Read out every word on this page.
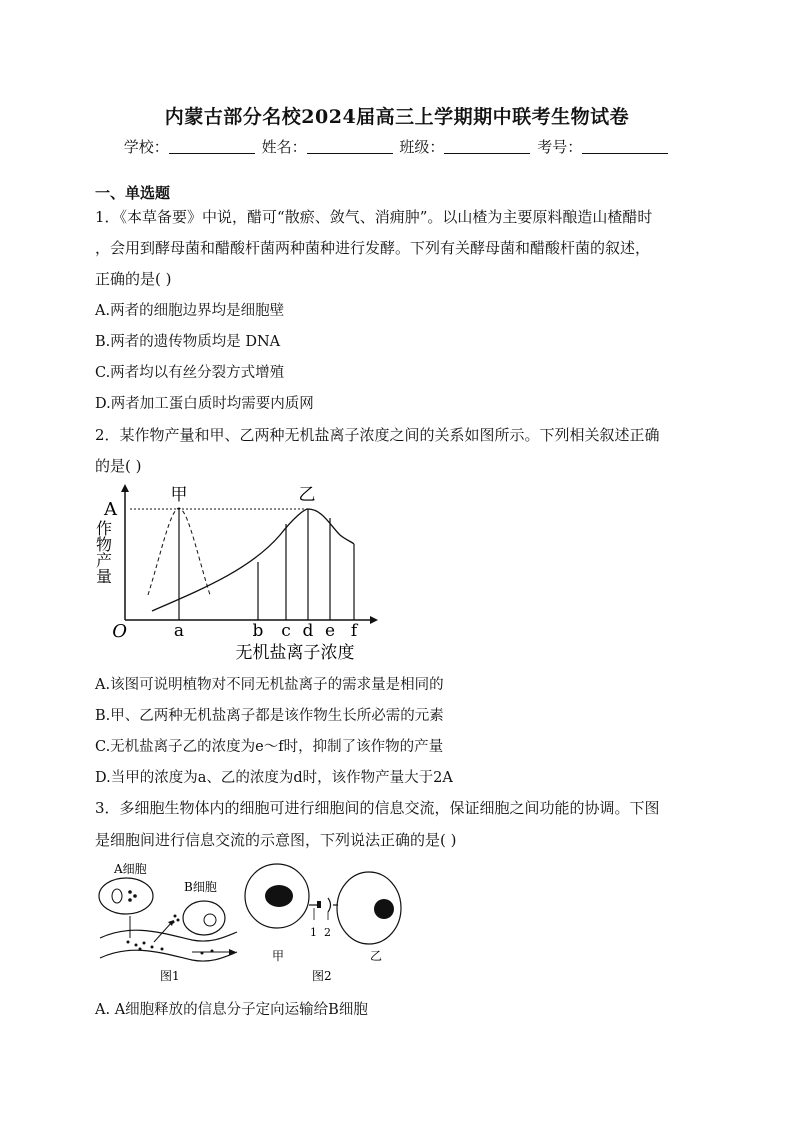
内蒙古部分名校2024届高三上学期期中联考生物试卷
学校：	姓名：	班级：	考号：
一、单选题
1．《本草备要》中说，醋可“散瘀、敛气、消痈肿”。以山楂为主要原料酿造山楂醋时
，会用到酵母菌和醋酸杆菌两种菌种进行发酵。下列有关酵母菌和醋酸杆菌的叙述，
正确的是( )
A.两者的细胞边界均是细胞壁
B.两者的遗传物质均是 DNA
C.两者均以有丝分裂方式增殖
D.两者加工蛋白质时均需要内质网
2．某作物产量和甲、乙两种无机盐离子浓度之间的关系如图所示。下列相关叙述正确
的是( )
A
O
甲	乙
作物产量
a	b c d e f
无机盐离子浓度
A.该图可说明植物对不同无机盐离子的需求量是相同的
B.甲、乙两种无机盐离子都是该作物生长所必需的元素
C.无机盐离子乙的浓度为e～f时，抑制了该作物的产量
D.当甲的浓度为a、乙的浓度为d时，该作物产量大于2A
3．多细胞生物体内的细胞可进行细胞间的信息交流，保证细胞之间功能的协调。下图
是细胞间进行信息交流的示意图，下列说法正确的是( )
A细胞
B细胞
图1
1 2
甲
图2
乙
A. A细胞释放的信息分子定向运输给B细胞
